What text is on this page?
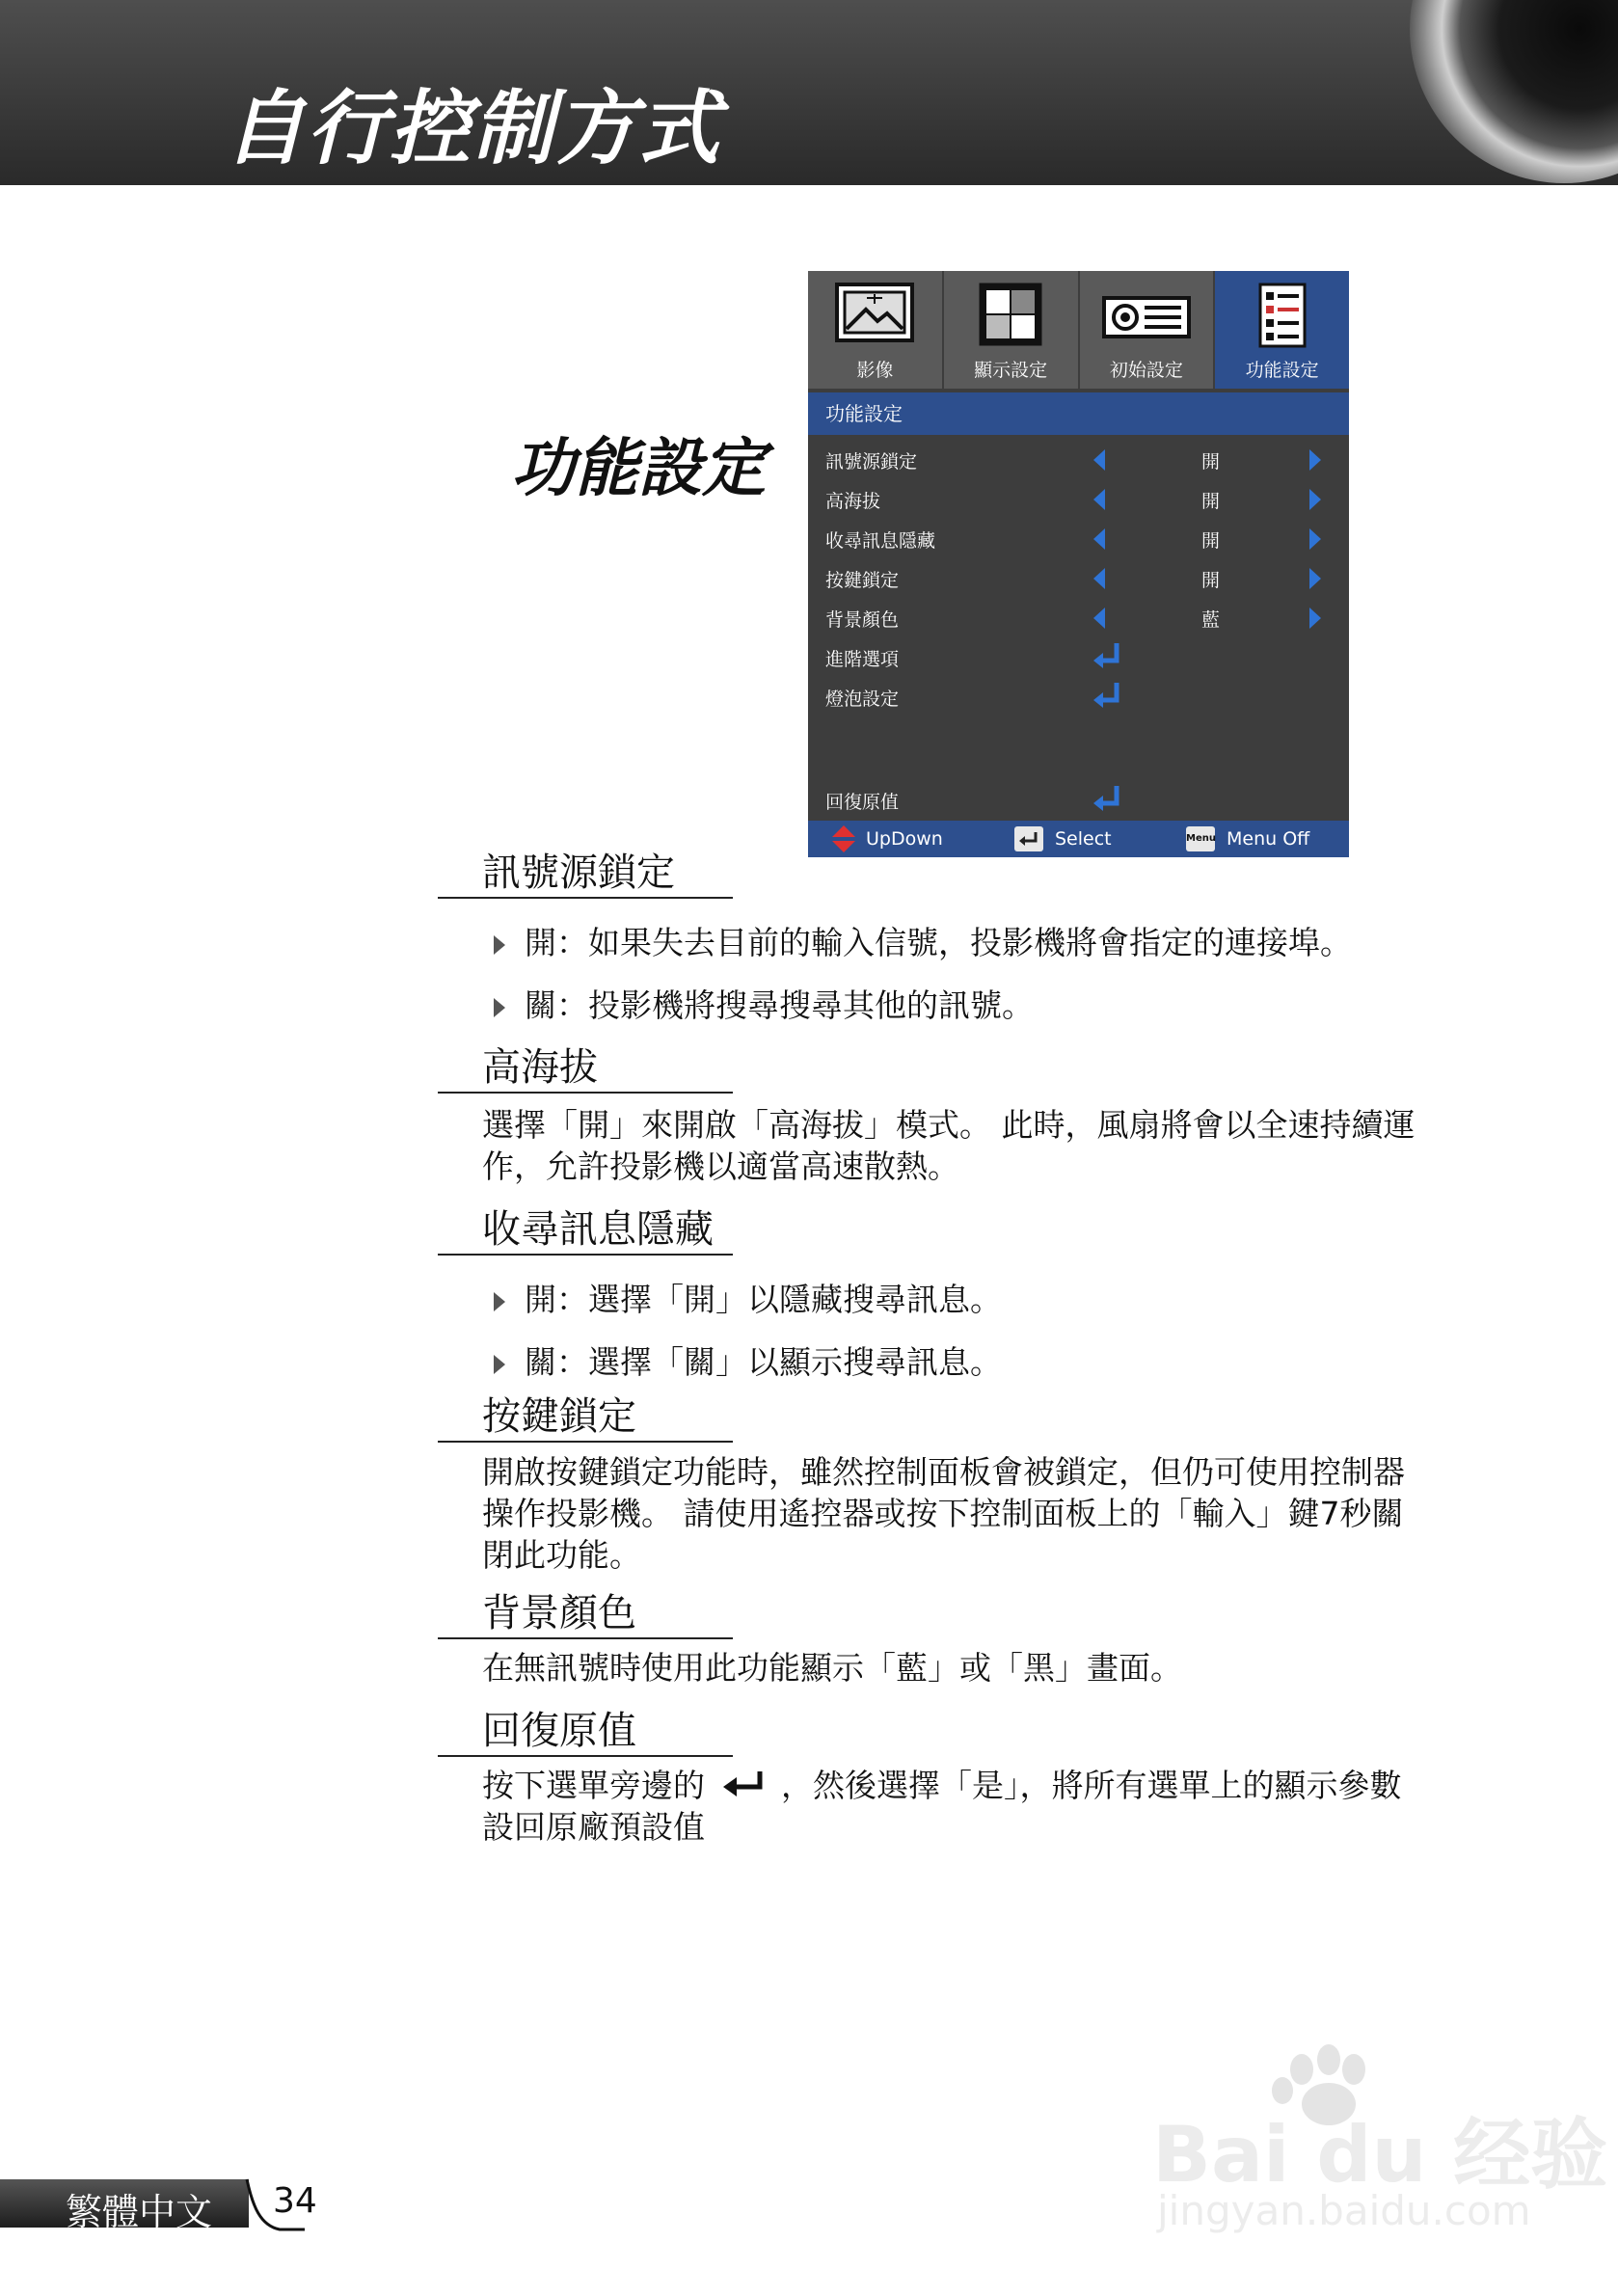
自行控制方式
功能設定
影像	顯示設定	初始設定	功能設定
功能設定
訊號源鎖定	開
高海拔	開
收尋訊息隱藏	開
按鍵鎖定	開
背景顏色	藍
進階選項
燈泡設定
回復原值
UpDown	Select	Menu Menu Off
訊號源鎖定
開：如果失去目前的輸入信號，投影機將會指定的連接埠。
關：投影機將搜尋搜尋其他的訊號。
高海拔
選擇「開」來開啟「高海拔」模式。 此時，風扇將會以全速持續運
作，允許投影機以適當高速散熱。
收尋訊息隱藏
開：選擇「開」以隱藏搜尋訊息。
關：選擇「關」以顯示搜尋訊息。
按鍵鎖定
開啟按鍵鎖定功能時，雖然控制面板會被鎖定，但仍可使用控制器
操作投影機。 請使用遙控器或按下控制面板上的「輸入」鍵7秒關
閉此功能。
背景顏色
在無訊號時使用此功能顯示「藍」或「黑」畫面。
回復原值
按下選單旁邊的 ，然後選擇「是」，將所有選單上的顯示參數
設回原廠預設值
Bai du 经验
jingyan.baidu.com
繁體中文 34
